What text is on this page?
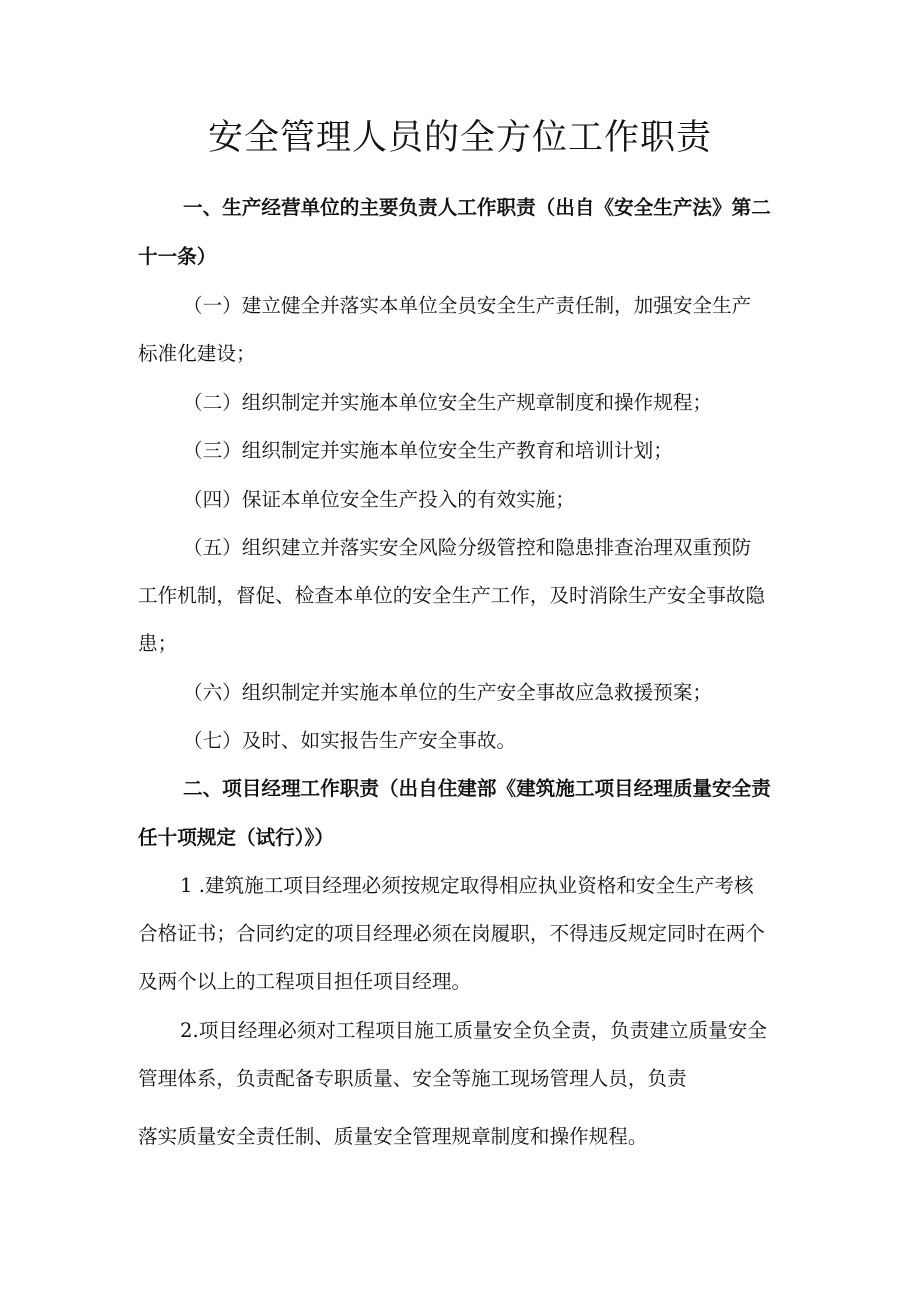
安全管理人员的全方位工作职责

一、生产经营单位的主要负责人工作职责（出自《安全生产法》第二

十一条）

（一）建立健全并落实本单位全员安全生产责任制，加强安全生产

标准化建设；

（二）组织制定并实施本单位安全生产规章制度和操作规程；

（三）组织制定并实施本单位安全生产教育和培训计划；

（四）保证本单位安全生产投入的有效实施；

（五）组织建立并落实安全风险分级管控和隐患排查治理双重预防

工作机制，督促、检查本单位的安全生产工作，及时消除生产安全事故隐

患；

（六）组织制定并实施本单位的生产安全事故应急救援预案；

（七）及时、如实报告生产安全事故。

二、项目经理工作职责（出自住建部《建筑施工项目经理质量安全责

任十项规定（试行）》）

1 .建筑施工项目经理必须按规定取得相应执业资格和安全生产考核

合格证书；合同约定的项目经理必须在岗履职，不得违反规定同时在两个

及两个以上的工程项目担任项目经理。

2.项目经理必须对工程项目施工质量安全负全责，负责建立质量安全

管理体系，负责配备专职质量、安全等施工现场管理人员，负责

落实质量安全责任制、质量安全管理规章制度和操作规程。
